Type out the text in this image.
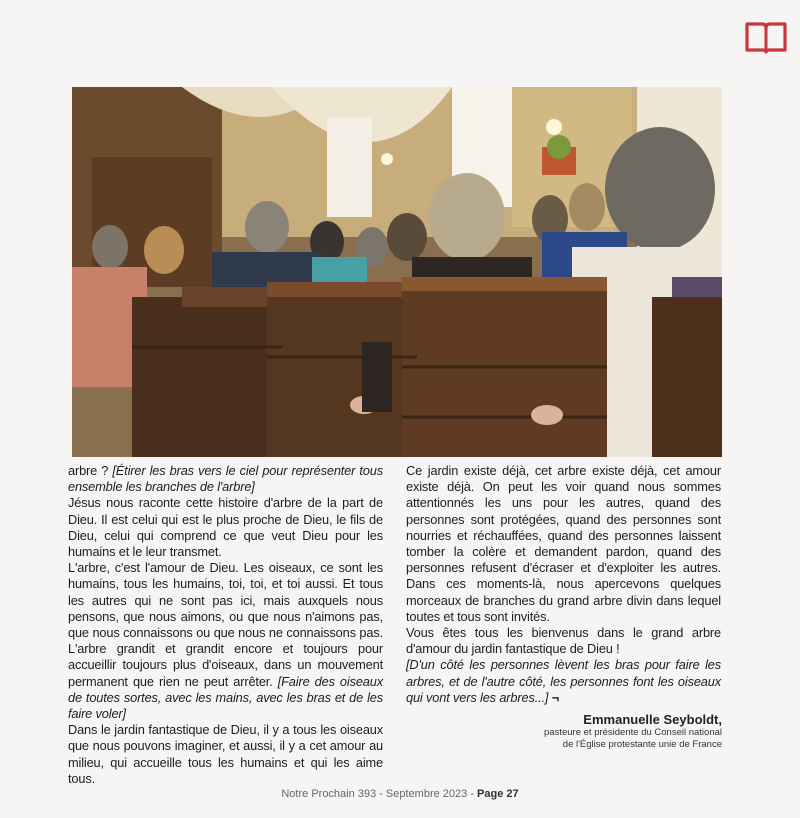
arbre ? [Étirer les bras vers le ciel pour représenter tous ensemble les branches de l'arbre]

Jésus nous raconte cette histoire d'arbre de la part de Dieu. Il est celui qui est le plus proche de Dieu, le fils de Dieu, celui qui comprend ce que veut Dieu pour les humains et le leur transmet.

L'arbre, c'est l'amour de Dieu. Les oiseaux, ce sont les humains, tous les humains, toi, toi, et toi aussi. Et tous les autres qui ne sont pas ici, mais auxquels nous pensons, que nous aimons, ou que nous n'aimons pas, que nous connaissons ou que nous ne connaissons pas. L'arbre grandit et grandit encore et toujours pour accueillir toujours plus d'oiseaux, dans un mouvement permanent que rien ne peut arrêter. [Faire des oiseaux de toutes sortes, avec les mains, avec les bras et de les faire voler]

Dans le jardin fantastique de Dieu, il y a tous les oiseaux que nous pouvons imaginer, et aussi, il y a cet amour au milieu, qui accueille tous les humains et qui les aime tous.

Ce jardin existe déjà, cet arbre existe déjà, cet amour existe déjà. On peut les voir quand nous sommes attentionnés les uns pour les autres, quand des personnes sont protégées, quand des personnes sont nourries et réchauffées, quand des personnes laissent tomber la colère et demandent pardon, quand des personnes refusent d'écraser et d'exploiter les autres. Dans ces moments-là, nous apercevons quelques morceaux de branches du grand arbre divin dans lequel toutes et tous sont invités.

Vous êtes tous les bienvenus dans le grand arbre d'amour du jardin fantastique de Dieu !

[D'un côté les personnes lèvent les bras pour faire les arbres, et de l'autre côté, les personnes font les oiseaux qui vont vers les arbres...] ¬

Emmanuelle Seyboldt,
pasteure et présidente du Conseil national
de l'Église protestante unie de France
Notre Prochain 393 - Septembre 2023 - Page 27
